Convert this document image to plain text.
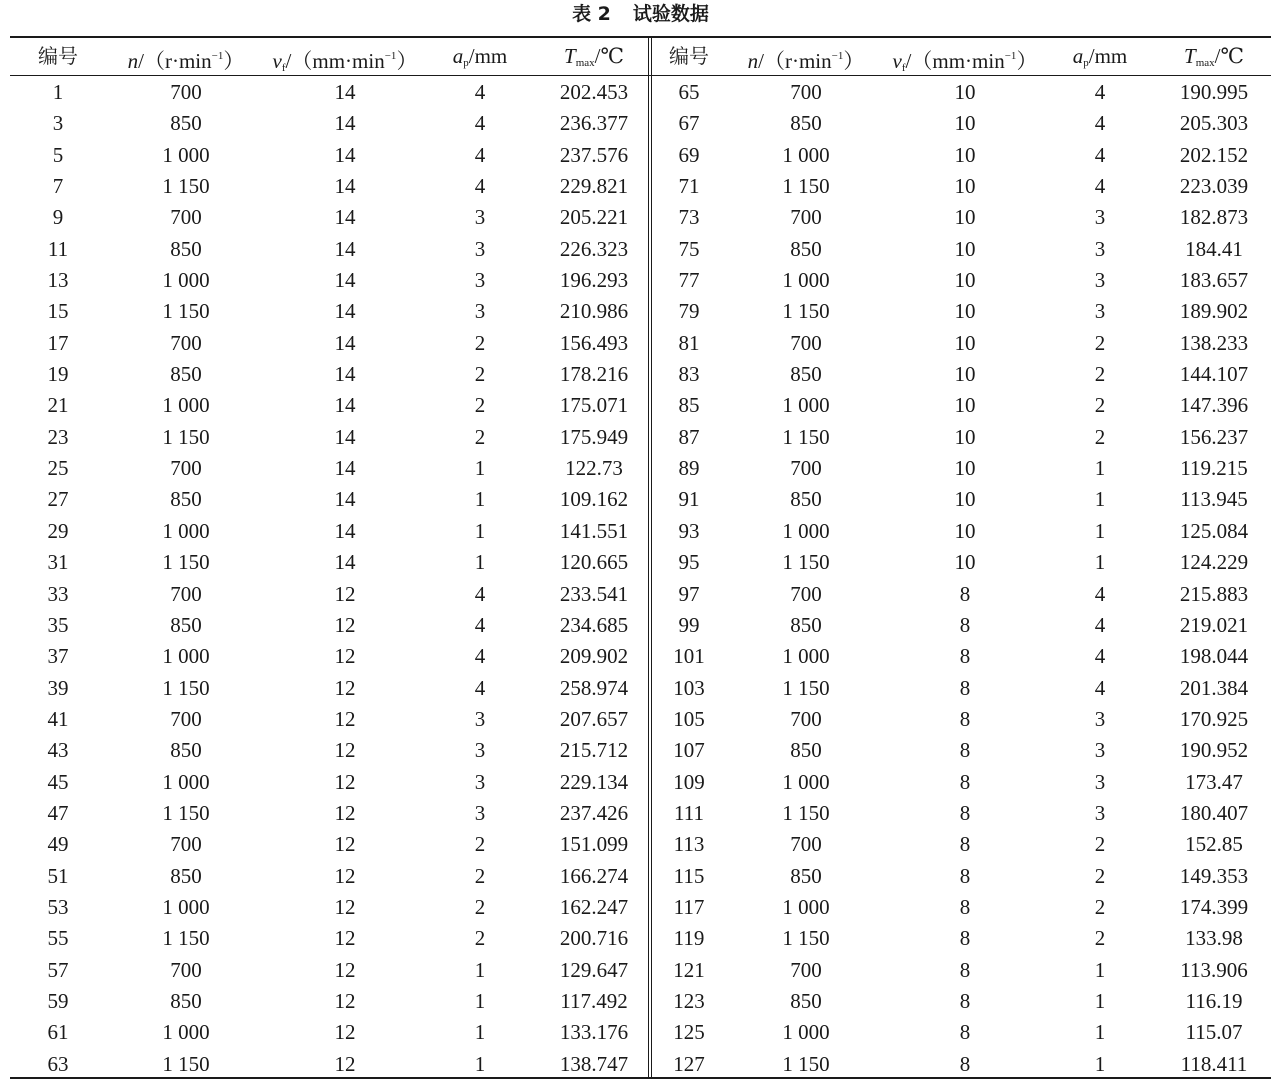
表 2 试验数据
编号	$n/(r\cdot\min^{-1})$	$v_f/(mm\cdot\min^{-1})$	$a_p/mm$	$T_{max}/℃$	编号	$n/(r\cdot\min^{-1})$	$v_f/(mm\cdot\min^{-1})$	$a_p/mm$	$T_{max}/℃$
1	700	14	4	202.453	65	700	10	4	190.995
3	850	14	4	236.377	67	850	10	4	205.303
5	1 000	14	4	237.576	69	1 000	10	4	202.152
7	1 150	14	4	229.821	71	1 150	10	4	223.039
9	700	14	3	205.221	73	700	10	3	182.873
11	850	14	3	226.323	75	850	10	3	184.41
13	1 000	14	3	196.293	77	1 000	10	3	183.657
15	1 150	14	3	210.986	79	1 150	10	3	189.902
17	700	14	2	156.493	81	700	10	2	138.233
19	850	14	2	178.216	83	850	10	2	144.107
21	1 000	14	2	175.071	85	1 000	10	2	147.396
23	1 150	14	2	175.949	87	1 150	10	2	156.237
25	700	14	1	122.73	89	700	10	1	119.215
27	850	14	1	109.162	91	850	10	1	113.945
29	1 000	14	1	141.551	93	1 000	10	1	125.084
31	1 150	14	1	120.665	95	1 150	10	1	124.229
33	700	12	4	233.541	97	700	8	4	215.883
35	850	12	4	234.685	99	850	8	4	219.021
37	1 000	12	4	209.902	101	1 000	8	4	198.044
39	1 150	12	4	258.974	103	1 150	8	4	201.384
41	700	12	3	207.657	105	700	8	3	170.925
43	850	12	3	215.712	107	850	8	3	190.952
45	1 000	12	3	229.134	109	1 000	8	3	173.47
47	1 150	12	3	237.426	111	1 150	8	3	180.407
49	700	12	2	151.099	113	700	8	2	152.85
51	850	12	2	166.274	115	850	8	2	149.353
53	1 000	12	2	162.247	117	1 000	8	2	174.399
55	1 150	12	2	200.716	119	1 150	8	2	133.98
57	700	12	1	129.647	121	700	8	1	113.906
59	850	12	1	117.492	123	850	8	1	116.19
61	1 000	12	1	133.176	125	1 000	8	1	115.07
63	1 150	12	1	138.747	127	1 150	8	1	118.411
